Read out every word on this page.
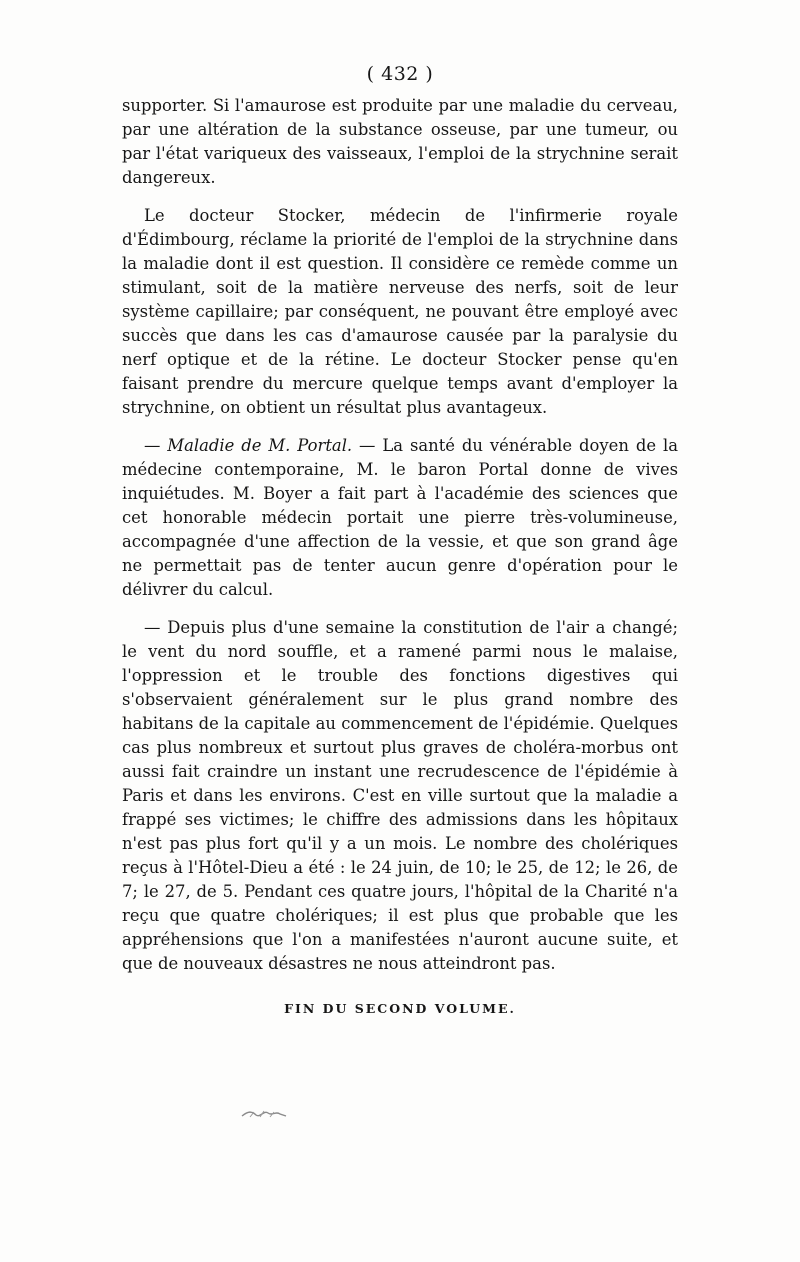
( 432 )

supporter. Si l'amaurose est produite par une maladie du cerveau, par une altération de la substance osseuse, par une tumeur, ou par l'état variqueux des vaisseaux, l'emploi de la strychnine serait dangereux.

Le docteur Stocker, médecin de l'infirmerie royale d'Édimbourg, réclame la priorité de l'emploi de la strychnine dans la maladie dont il est question. Il considère ce remède comme un stimulant, soit de la matière nerveuse des nerfs, soit de leur système capillaire; par conséquent, ne pouvant être employé avec succès que dans les cas d'amaurose causée par la paralysie du nerf optique et de la rétine. Le docteur Stocker pense qu'en faisant prendre du mercure quelque temps avant d'employer la strychnine, on obtient un résultat plus avantageux.

— Maladie de M. Portal. — La santé du vénérable doyen de la médecine contemporaine, M. le baron Portal donne de vives inquiétudes. M. Boyer a fait part à l'académie des sciences que cet honorable médecin portait une pierre très-volumineuse, accompagnée d'une affection de la vessie, et que son grand âge ne permettait pas de tenter aucun genre d'opération pour le délivrer du calcul.

— Depuis plus d'une semaine la constitution de l'air a changé; le vent du nord souffle, et a ramené parmi nous le malaise, l'oppression et le trouble des fonctions digestives qui s'observaient généralement sur le plus grand nombre des habitans de la capitale au commencement de l'épidémie. Quelques cas plus nombreux et surtout plus graves de choléra-morbus ont aussi fait craindre un instant une recrudescence de l'épidémie à Paris et dans les environs. C'est en ville surtout que la maladie a frappé ses victimes; le chiffre des admissions dans les hôpitaux n'est pas plus fort qu'il y a un mois. Le nombre des cholériques reçus à l'Hôtel-Dieu a été : le 24 juin, de 10; le 25, de 12; le 26, de 7; le 27, de 5. Pendant ces quatre jours, l'hôpital de la Charité n'a reçu que quatre cholériques; il est plus que probable que les appréhensions que l'on a manifestées n'auront aucune suite, et que de nouveaux désastres ne nous atteindront pas.

FIN DU SECOND VOLUME.
